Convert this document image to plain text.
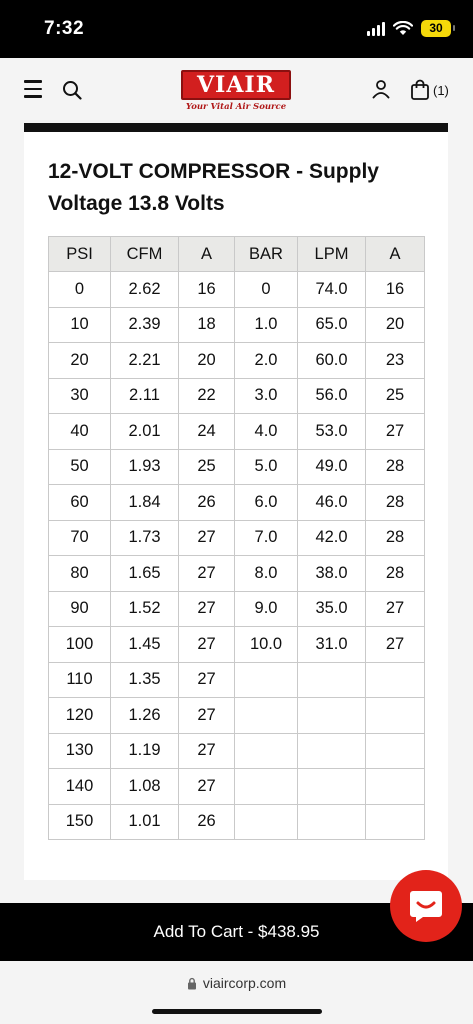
7:32	30
VIAIR
Your Vital Air Source
(1)
12-VOLT COMPRESSOR - Supply Voltage 13.8 Volts
PSI	CFM	A	BAR	LPM	A
0	2.62	16	0	74.0	16
10	2.39	18	1.0	65.0	20
20	2.21	20	2.0	60.0	23
30	2.11	22	3.0	56.0	25
40	2.01	24	4.0	53.0	27
50	1.93	25	5.0	49.0	28
60	1.84	26	6.0	46.0	28
70	1.73	27	7.0	42.0	28
80	1.65	27	8.0	38.0	28
90	1.52	27	9.0	35.0	27
100	1.45	27	10.0	31.0	27
110	1.35	27			
120	1.26	27			
130	1.19	27			
140	1.08	27			
150	1.01	26			
Add To Cart - $438.95
viaircorp.com
